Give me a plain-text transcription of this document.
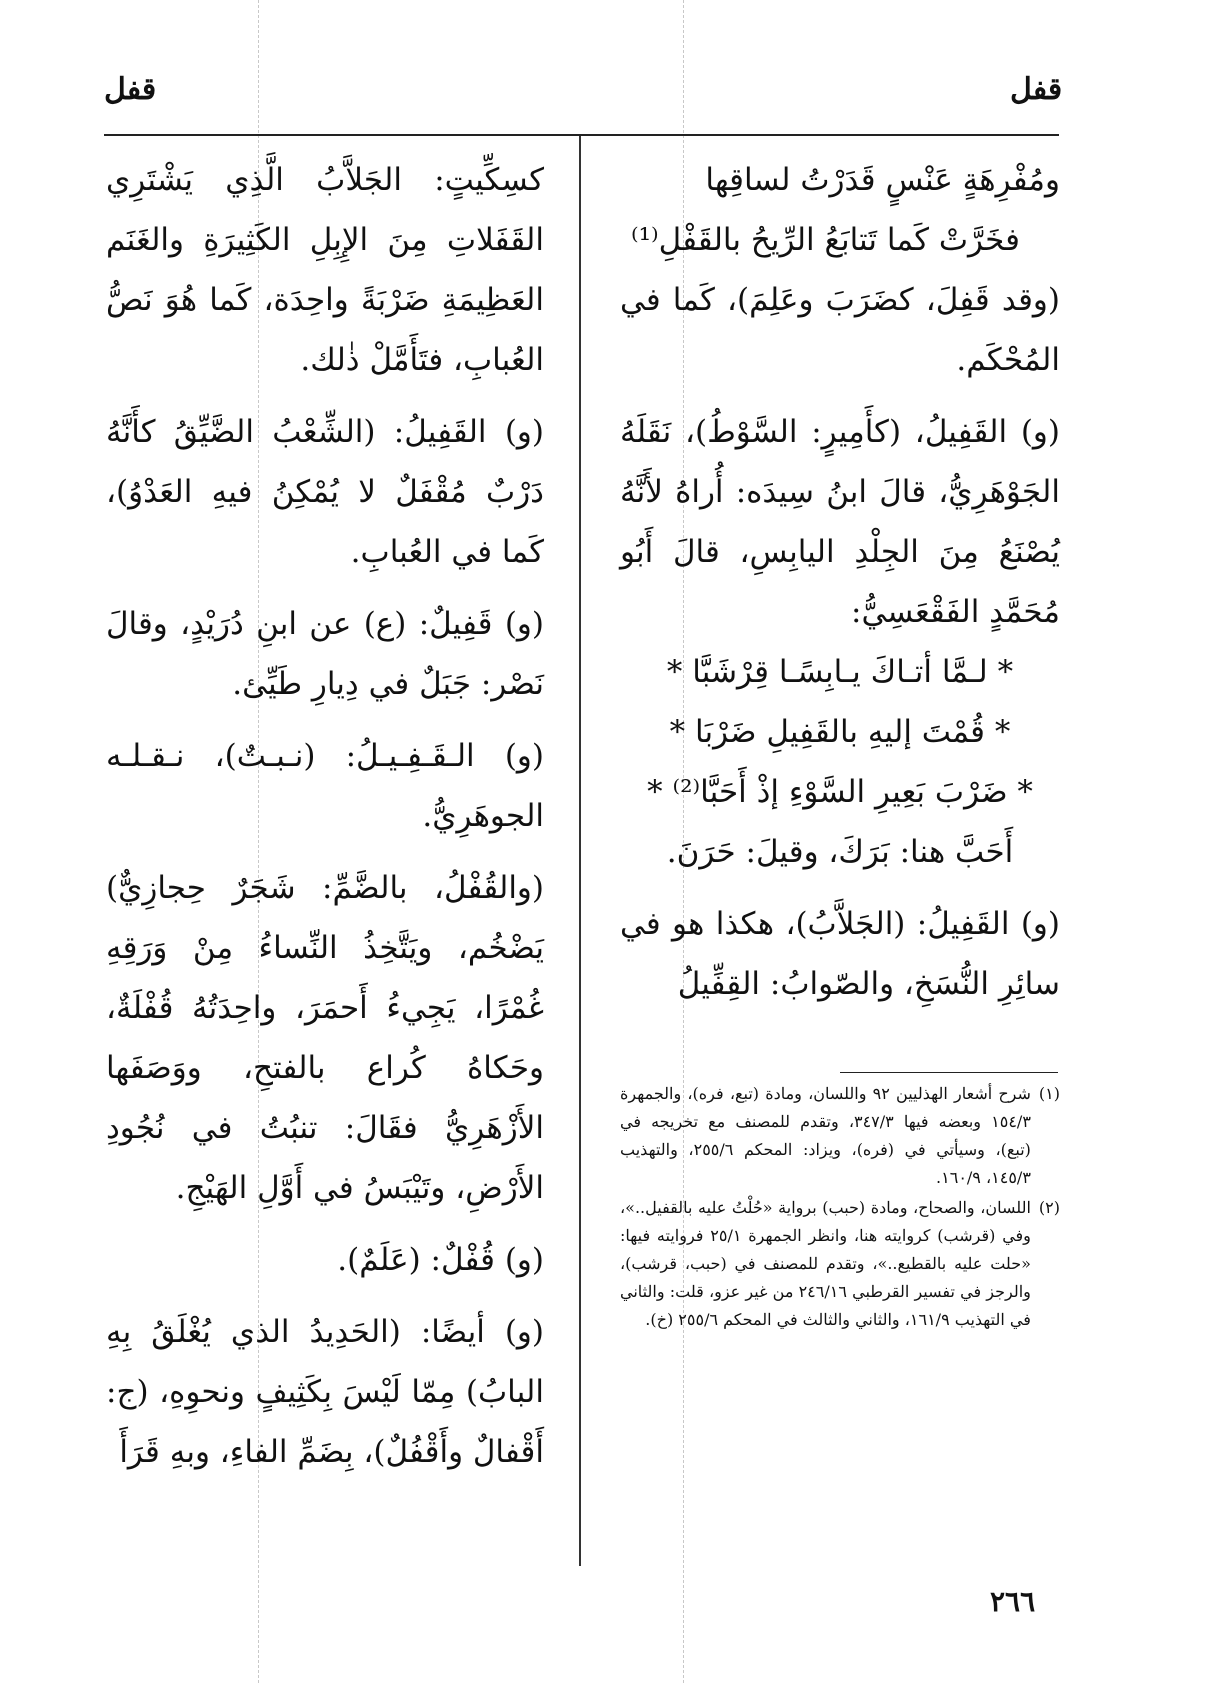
قفل	قفل

ومُفْرِهَةٍ عَنْسٍ قَدَرْتُ لساقِها

فخَرَّتْ كَما تَتابَعُ الرِّيحُ بالقَفْلِ⁽¹⁾

(وقد قَفِلَ، كضَرَبَ وعَلِمَ)، كَما في المُحْكَم.

(و) القَفِيلُ، (كأَمِيرٍ: السَّوْطُ)، نَقَلَهُ الجَوْهَرِيُّ، قالَ ابنُ سِيدَه: أُراهُ لأَنَّهُ يُصْنَعُ مِنَ الجِلْدِ اليابِسِ، قالَ أَبُو مُحَمَّدٍ الفَقْعَسِيُّ:

* لـمَّا أتـاكَ يـابِسًـا قِرْشَبَّا *

* قُمْتَ إليهِ بالقَفِيلِ ضَرْبَا *

* ضَرْبَ بَعِيرِ السَّوْءِ إذْ أَحَبَّا⁽²⁾ *

أَحَبَّ هنا: بَرَكَ، وقيلَ: حَرَنَ.

(و) القَفِيلُ: (الجَلاَّبُ)، هكذا هو في سائِرِ النُّسَخِ، والصّوابُ: القِفِّيلُ

كسِكِّيتٍ: الجَلاَّبُ الَّذِي يَشْتَرِي القَفَلاتِ مِنَ الإِبِلِ الكَثِيرَةِ والغَنَم العَظِيمَةِ ضَرْبَةً واحِدَة، كَما هُوَ نَصُّ العُبابِ، فتَأَمَّلْ ذٰلك.

(و) القَفِيلُ: (الشِّعْبُ الضَّيِّقُ كأَنَّهُ دَرْبٌ مُقْفَلٌ لا يُمْكِنُ فيهِ العَدْوُ)، كَما في العُبابِ.

(و) قَفِيلٌ: (ع) عن ابنِ دُرَيْدٍ، وقالَ نَصْر: جَبَلٌ في دِيارِ طَيِّئ.

(و) الـقَـفِـيـلُ: (نـبـتٌ)، نـقـلـه الجوهَرِيُّ.

(والقُفْلُ، بالضَّمِّ: شَجَرٌ حِجازِيٌّ) يَضْخُم، ويَتَّخِذُ النِّساءُ مِنْ وَرَقِهِ غُمْرًا، يَجِيءُ أَحمَرَ، واحِدَتُهُ قُفْلَةٌ، وحَكاهُ كُراع بالفتحِ، ووَصَفَها الأَزْهَرِيُّ فقَالَ: تنبُتُ في نُجُودِ الأَرْضِ، وتَيْبَسُ في أَوَّلِ الهَيْجِ.

(و) قُفْلٌ: (عَلَمٌ).

(و) أيضًا: (الحَدِيدُ الذي يُغْلَقُ بِهِ البابُ) مِمّا لَيْسَ بِكَثِيفٍ ونحوِهِ، (ج: أَقْفالٌ وأَقْفُلٌ)، بِضَمِّ الفاءِ، وبهِ قَرَأَ

(١)
شرح أشعار الهذليين ٩٢ واللسان، ومادة (تبع، فره)، والجمهرة ١٥٤/٣ وبعضه فيها ٣٤٧/٣، وتقدم للمصنف مع تخريجه في (تبع)، وسيأتي في (فره)، ويزاد: المحكم ٢٥٥/٦، والتهذيب ١٤٥/٣، ١٦٠/٩.
(٢)
اللسان، والصحاح، ومادة (حبب) برواية «حُلْتُ عليه بالقفيل..»، وفي (قرشب) كروايته هنا، وانظر الجمهرة ٢٥/١ فروايته فيها: «حلت عليه بالقطيع..»، وتقدم للمصنف في (حبب، قرشب)، والرجز في تفسير القرطبي ٢٤٦/١٦ من غير عزو، قلت: والثاني في التهذيب ١٦١/٩، والثاني والثالث في المحكم ٢٥٥/٦ (خ).
٢٦٦
